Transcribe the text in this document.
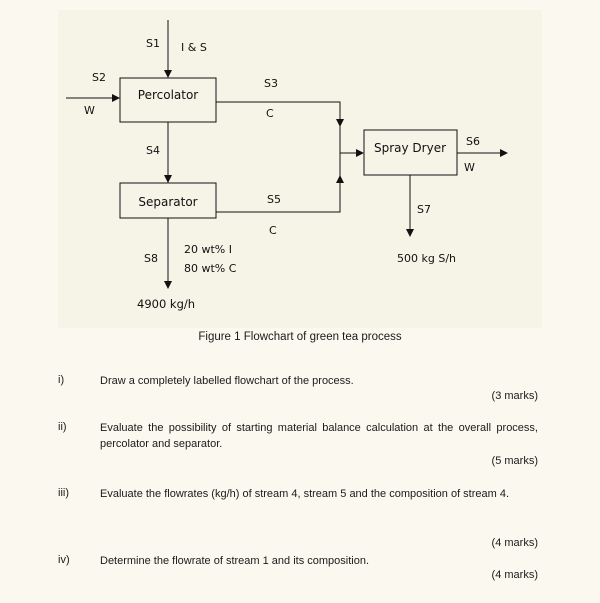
Percolator
Separator
Spray Dryer
S1 I & S
S2
W
S3
C
S4
S5
C
S6
W
S7
500 kg S/h
S8
20 wt% I
80 wt% C
4900 kg/h
Figure 1 Flowchart of green tea process
i)	Draw a completely labelled flowchart of the process.
(3 marks)
ii)	Evaluate the possibility of starting material balance calculation at the overall process, percolator and separator.
(5 marks)
iii)	Evaluate the flowrates (kg/h) of stream 4, stream 5 and the composition of stream 4.
(4 marks)
iv)	Determine the flowrate of stream 1 and its composition.
(4 marks)
